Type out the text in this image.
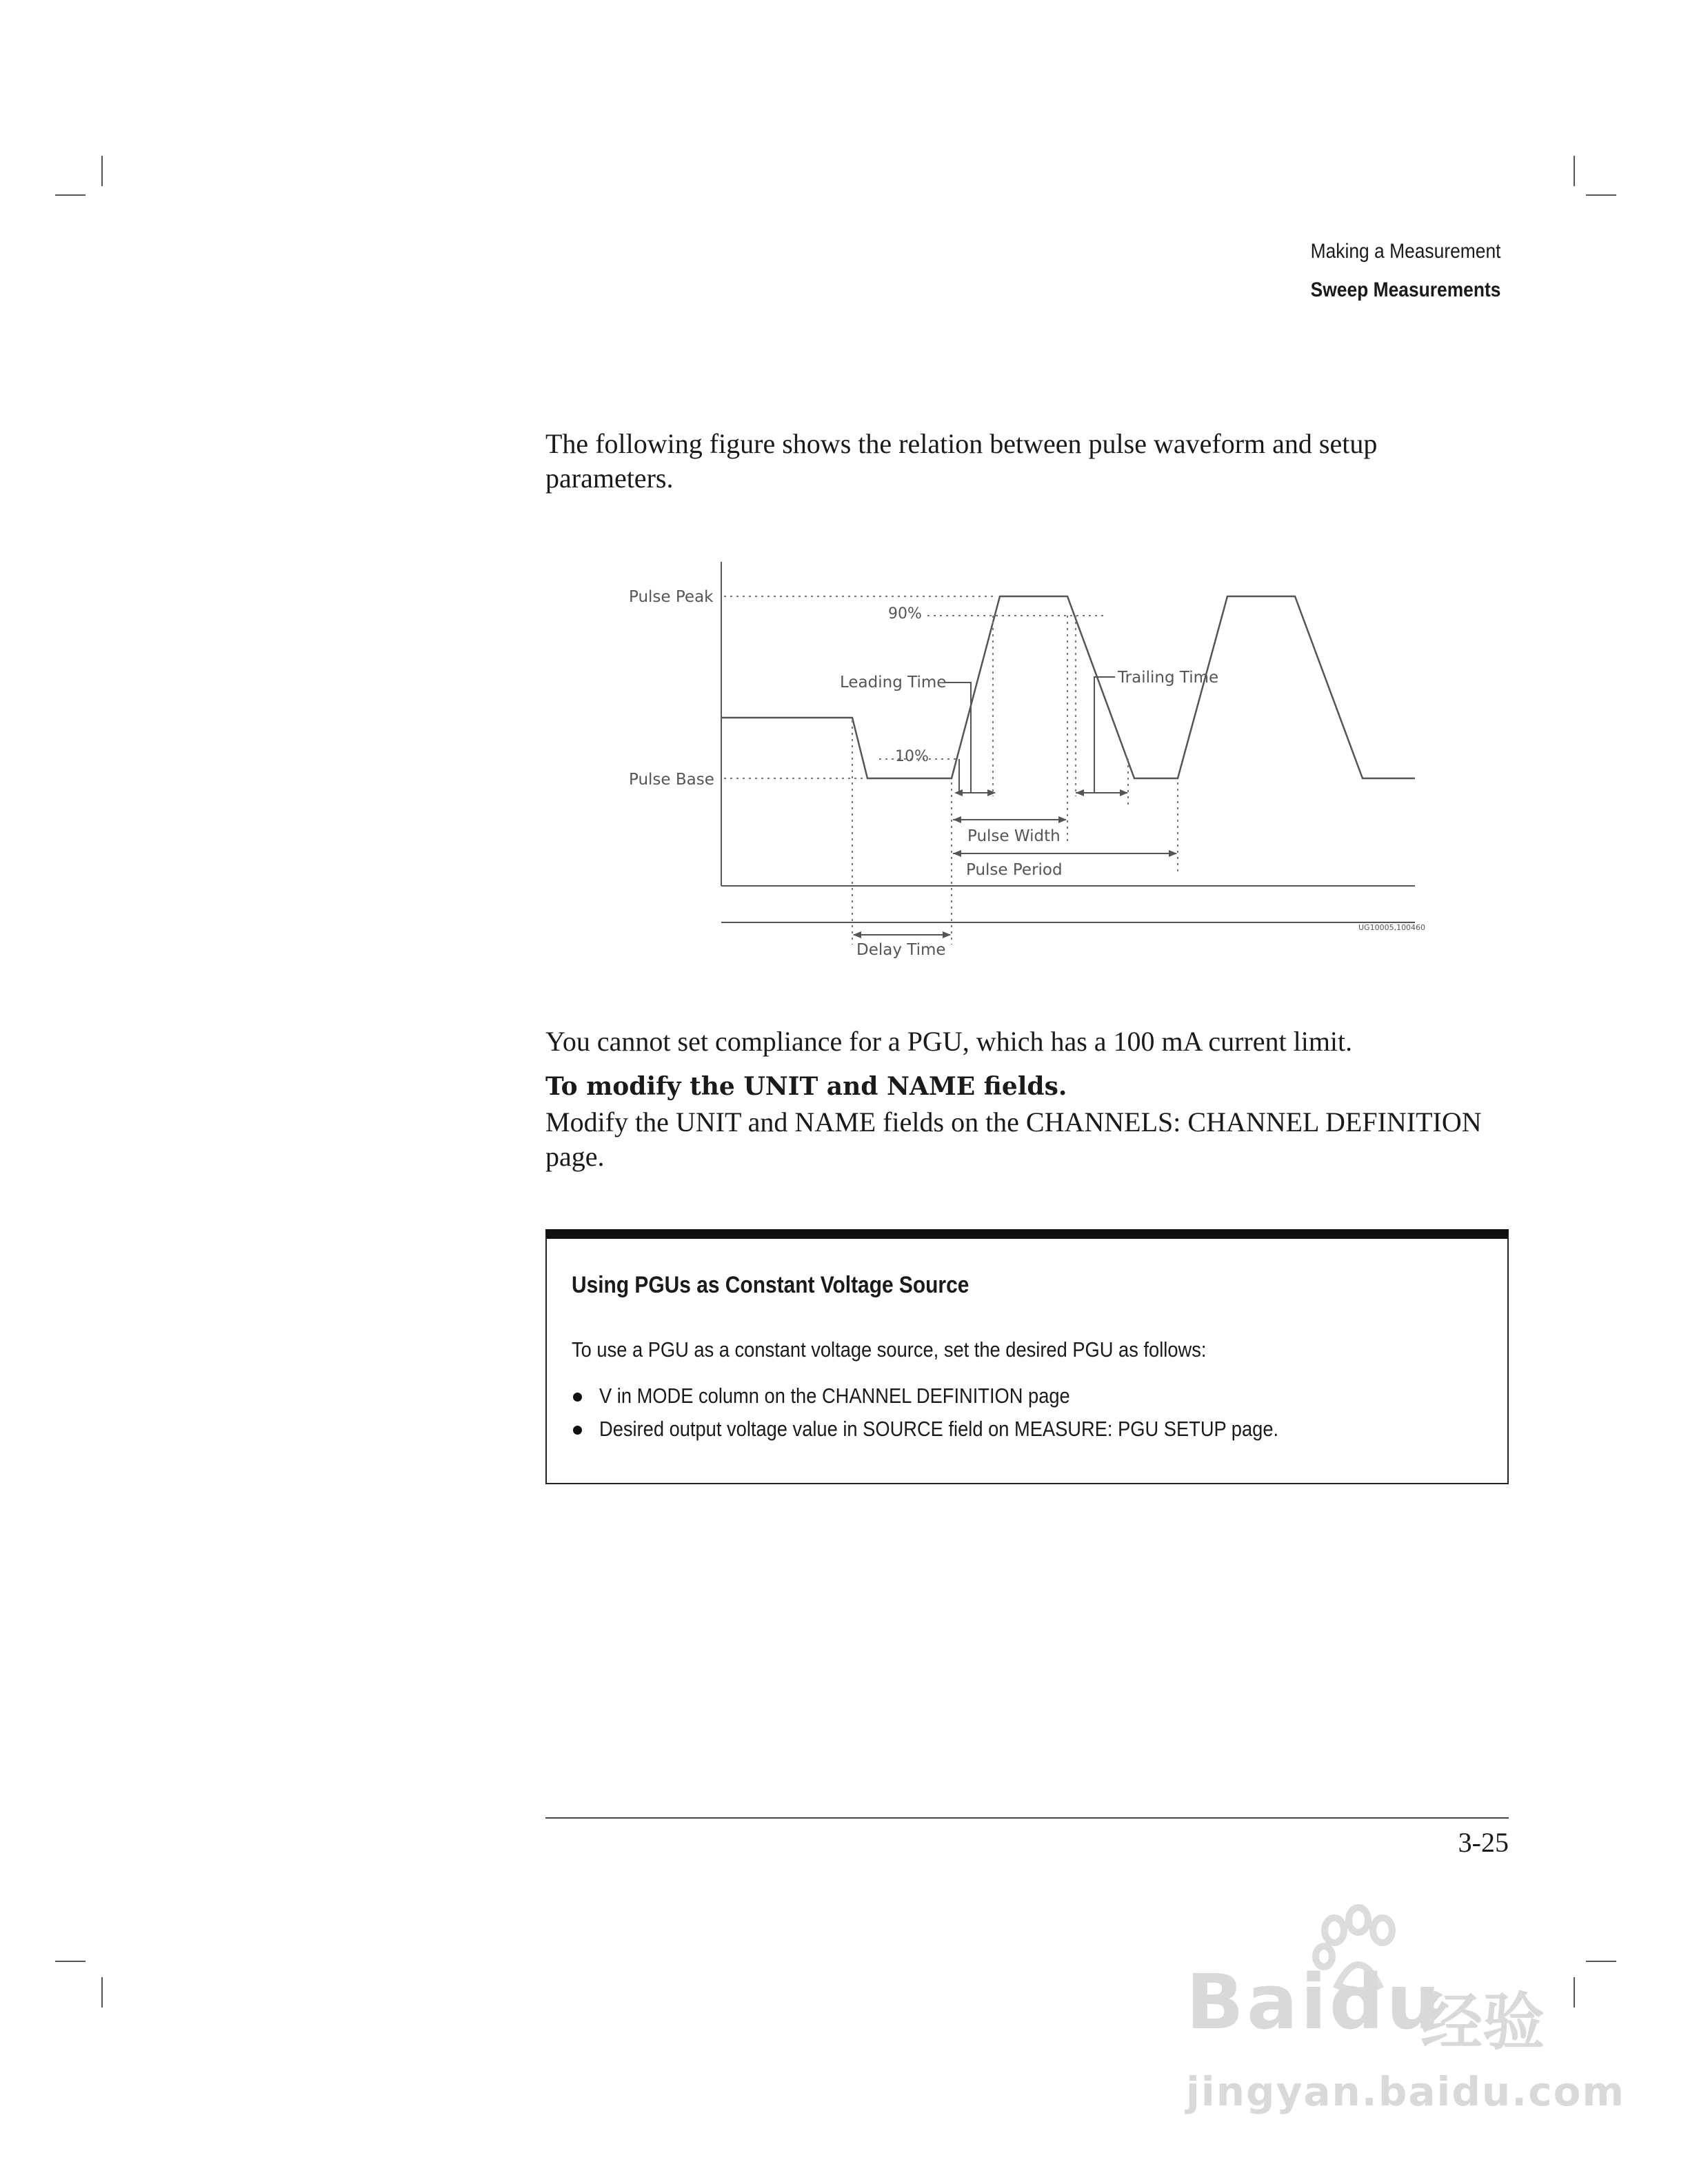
Making a Measurement
Sweep Measurements
The following figure shows the relation between pulse waveform and setup parameters.
Pulse Peak
Pulse Base
90%
10%
Leading Time	Trailing Time
Pulse Width
Pulse Period
Delay Time
UG10005,100460
You cannot set compliance for a PGU, which has a 100 mA current limit.
To modify the UNIT and NAME fields.
Modify the UNIT and NAME fields on the CHANNELS: CHANNEL DEFINITION page.
Using PGUs as Constant Voltage Source
To use a PGU as a constant voltage source, set the desired PGU as follows:
V in MODE column on the CHANNEL DEFINITION page
Desired output voltage value in SOURCE field on MEASURE: PGU SETUP page.
3-25
Baidu
经验
jingyan.baidu.com
